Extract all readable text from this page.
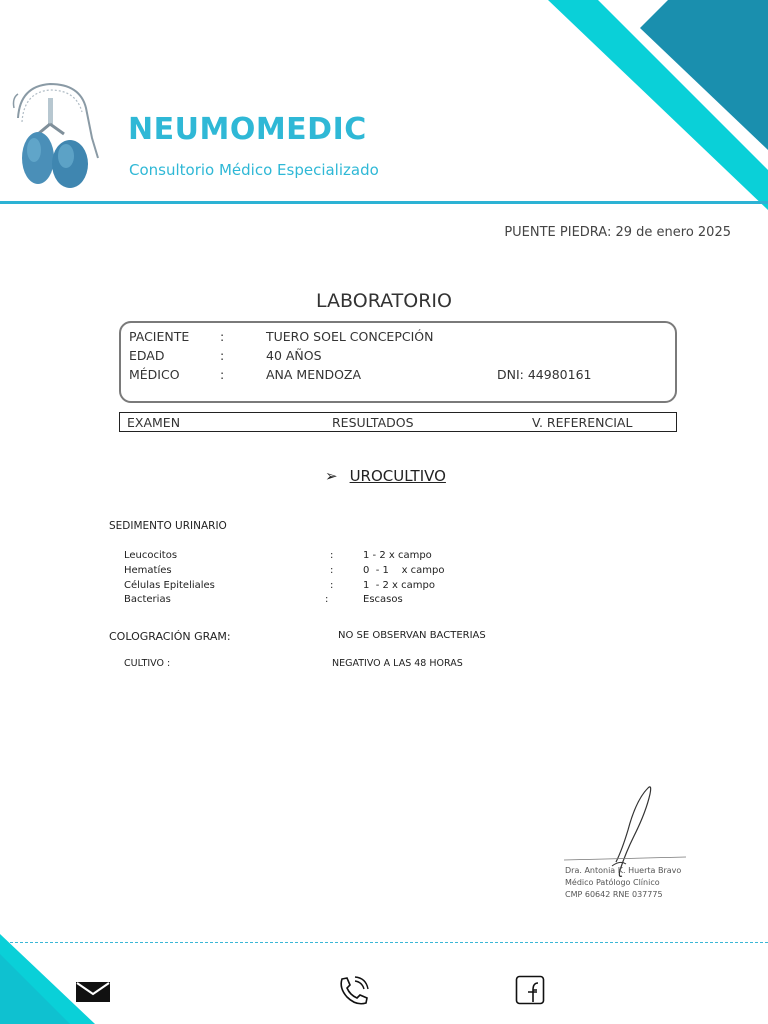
NEUMOMEDIC
Consultorio Médico Especializado
PUENTE PIEDRA: 29 de enero 2025
LABORATORIO
PACIENTE :	TUERO SOEL CONCEPCIÓN
EDAD	:	40 AÑOS
MÉDICO	:	ANA MENDOZA	DNI: 44980161
EXAMEN	RESULTADOS	V. REFERENCIAL
➢ UROCULTIVO
SEDIMENTO URINARIO
Leucocitos	:	1 - 2 x campo
Hematíes	:	0  - 1    x campo
Células Epiteliales	:	1  - 2 x campo
Bacterias	:	Escasos
COLOGRACIÓN GRAM:	NO SE OBSERVAN BACTERIAS
CULTIVO :	NEGATIVO A LAS 48 HORAS
Dra. Antonia K. Huerta Bravo
Médico Patólogo Clínico
CMP 60642 RNE 037775
